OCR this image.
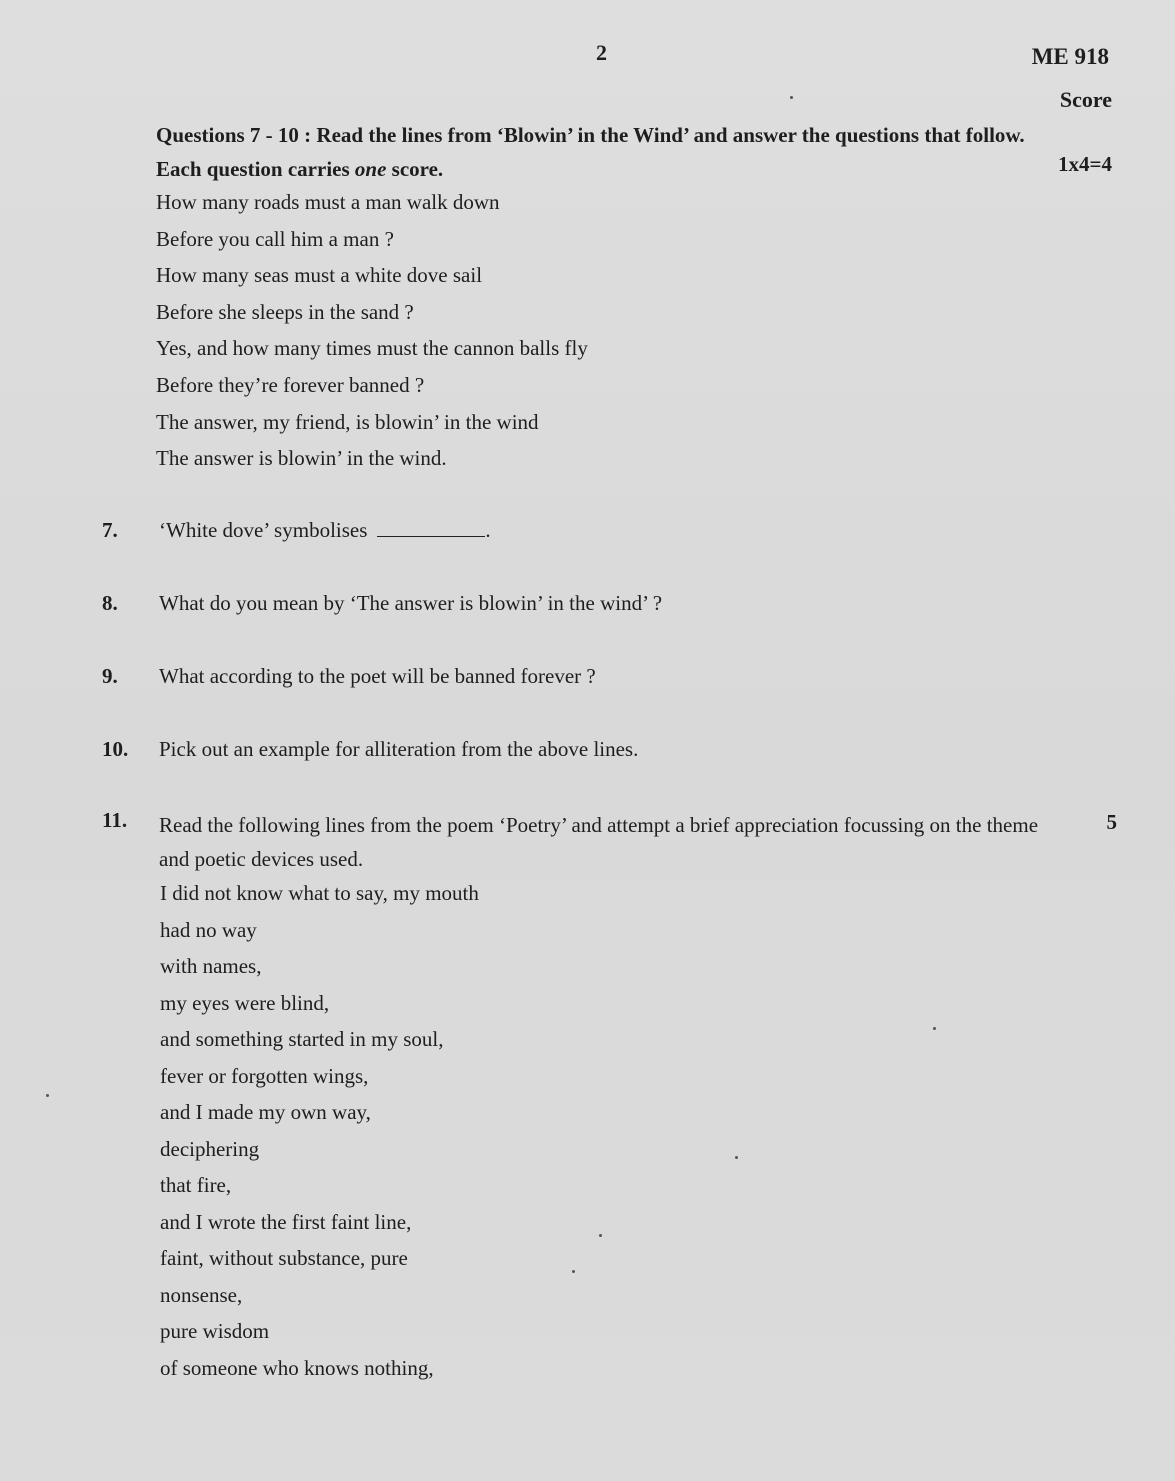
2	ME 918
Score
Questions 7 - 10 : Read the lines from ‘Blowin’ in the Wind’ and answer the questions that follow. Each question carries one score.	1x4=4
How many roads must a man walk down
Before you call him a man ?
How many seas must a white dove sail
Before she sleeps in the sand ?
Yes, and how many times must the cannon balls fly
Before they’re forever banned ?
The answer, my friend, is blowin’ in the wind
The answer is blowin’ in the wind.
7. ‘White dove’ symbolises	.
8. What do you mean by ‘The answer is blowin’ in the wind’ ?
9. What according to the poet will be banned forever ?
10. Pick out an example for alliteration from the above lines.
11. Read the following lines from the poem ‘Poetry’ and attempt a brief appreciation focussing on the theme and poetic devices used.
5
I did not know what to say, my mouth
had no way
with names,
my eyes were blind,
and something started in my soul,
fever or forgotten wings,
and I made my own way,
deciphering
that fire,
and I wrote the first faint line,
faint, without substance, pure
nonsense,
pure wisdom
of someone who knows nothing,
